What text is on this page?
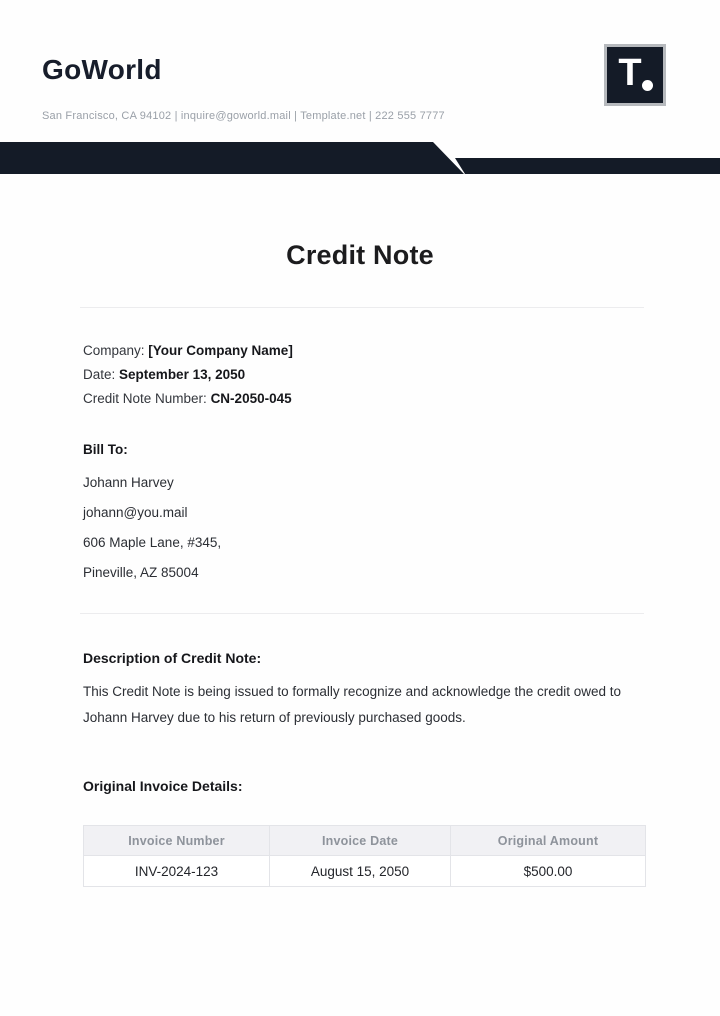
GoWorld
San Francisco, CA 94102 | inquire@goworld.mail | Template.net | 222 555 7777
T
Credit Note
Company: [Your Company Name]
Date: September 13, 2050
Credit Note Number: CN-2050-045
Bill To:
Johann Harvey
johann@you.mail
606 Maple Lane, #345,
Pineville, AZ 85004
Description of Credit Note:
This Credit Note is being issued to formally recognize and acknowledge the credit owed to Johann Harvey due to his return of previously purchased goods.
Original Invoice Details:
Invoice Number	Invoice Date	Original Amount
INV-2024-123	August 15, 2050	$500.00
